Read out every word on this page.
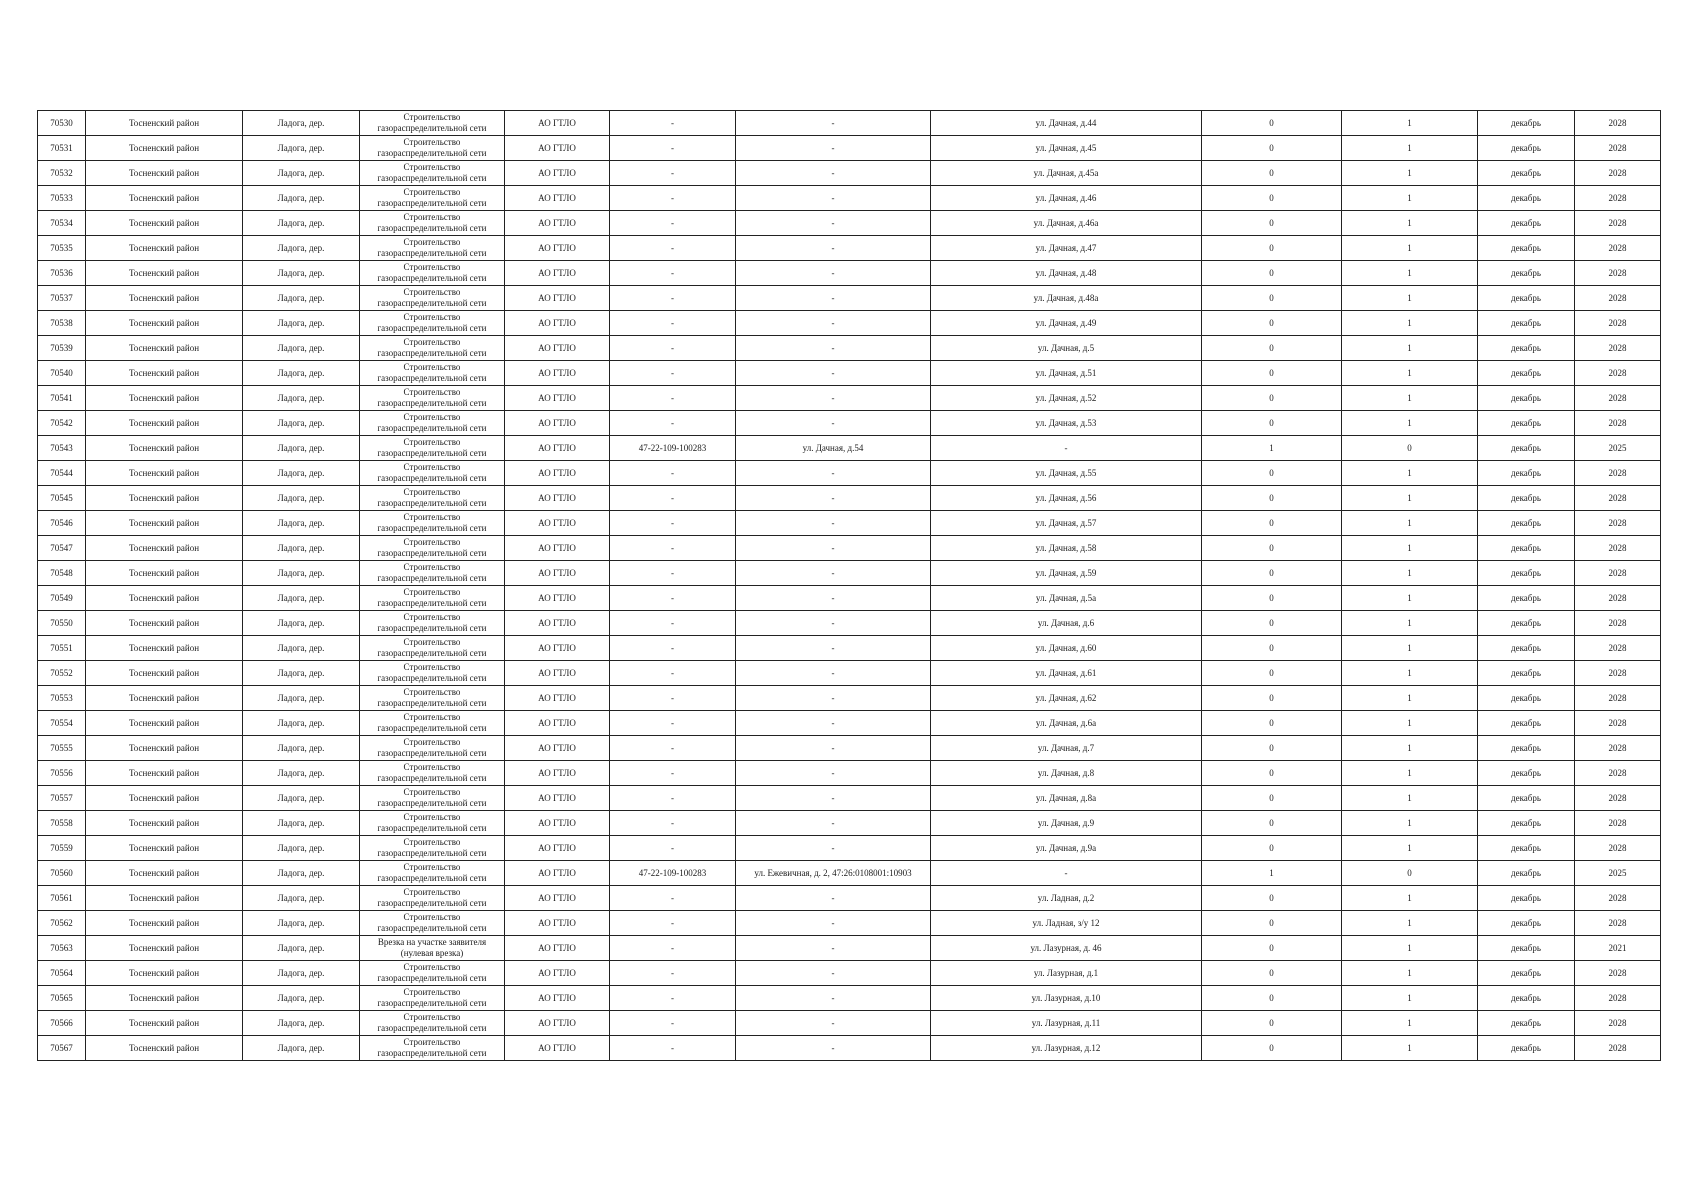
70530	Тосненский район	Ладога, дер.	Строительство газораспределительной сети	АО ГТЛО	-	-	ул. Дачная, д.44	0	1	декабрь	2028
70531	Тосненский район	Ладога, дер.	Строительство газораспределительной сети	АО ГТЛО	-	-	ул. Дачная, д.45	0	1	декабрь	2028
70532	Тосненский район	Ладога, дер.	Строительство газораспределительной сети	АО ГТЛО	-	-	ул. Дачная, д.45а	0	1	декабрь	2028
70533	Тосненский район	Ладога, дер.	Строительство газораспределительной сети	АО ГТЛО	-	-	ул. Дачная, д.46	0	1	декабрь	2028
70534	Тосненский район	Ладога, дер.	Строительство газораспределительной сети	АО ГТЛО	-	-	ул. Дачная, д.46а	0	1	декабрь	2028
70535	Тосненский район	Ладога, дер.	Строительство газораспределительной сети	АО ГТЛО	-	-	ул. Дачная, д.47	0	1	декабрь	2028
70536	Тосненский район	Ладога, дер.	Строительство газораспределительной сети	АО ГТЛО	-	-	ул. Дачная, д.48	0	1	декабрь	2028
70537	Тосненский район	Ладога, дер.	Строительство газораспределительной сети	АО ГТЛО	-	-	ул. Дачная, д.48а	0	1	декабрь	2028
70538	Тосненский район	Ладога, дер.	Строительство газораспределительной сети	АО ГТЛО	-	-	ул. Дачная, д.49	0	1	декабрь	2028
70539	Тосненский район	Ладога, дер.	Строительство газораспределительной сети	АО ГТЛО	-	-	ул. Дачная, д.5	0	1	декабрь	2028
70540	Тосненский район	Ладога, дер.	Строительство газораспределительной сети	АО ГТЛО	-	-	ул. Дачная, д.51	0	1	декабрь	2028
70541	Тосненский район	Ладога, дер.	Строительство газораспределительной сети	АО ГТЛО	-	-	ул. Дачная, д.52	0	1	декабрь	2028
70542	Тосненский район	Ладога, дер.	Строительство газораспределительной сети	АО ГТЛО	-	-	ул. Дачная, д.53	0	1	декабрь	2028
70543	Тосненский район	Ладога, дер.	Строительство газораспределительной сети	АО ГТЛО	47-22-109-100283	ул. Дачная, д.54	-	1	0	декабрь	2025
70544	Тосненский район	Ладога, дер.	Строительство газораспределительной сети	АО ГТЛО	-	-	ул. Дачная, д.55	0	1	декабрь	2028
70545	Тосненский район	Ладога, дер.	Строительство газораспределительной сети	АО ГТЛО	-	-	ул. Дачная, д.56	0	1	декабрь	2028
70546	Тосненский район	Ладога, дер.	Строительство газораспределительной сети	АО ГТЛО	-	-	ул. Дачная, д.57	0	1	декабрь	2028
70547	Тосненский район	Ладога, дер.	Строительство газораспределительной сети	АО ГТЛО	-	-	ул. Дачная, д.58	0	1	декабрь	2028
70548	Тосненский район	Ладога, дер.	Строительство газораспределительной сети	АО ГТЛО	-	-	ул. Дачная, д.59	0	1	декабрь	2028
70549	Тосненский район	Ладога, дер.	Строительство газораспределительной сети	АО ГТЛО	-	-	ул. Дачная, д.5а	0	1	декабрь	2028
70550	Тосненский район	Ладога, дер.	Строительство газораспределительной сети	АО ГТЛО	-	-	ул. Дачная, д.6	0	1	декабрь	2028
70551	Тосненский район	Ладога, дер.	Строительство газораспределительной сети	АО ГТЛО	-	-	ул. Дачная, д.60	0	1	декабрь	2028
70552	Тосненский район	Ладога, дер.	Строительство газораспределительной сети	АО ГТЛО	-	-	ул. Дачная, д.61	0	1	декабрь	2028
70553	Тосненский район	Ладога, дер.	Строительство газораспределительной сети	АО ГТЛО	-	-	ул. Дачная, д.62	0	1	декабрь	2028
70554	Тосненский район	Ладога, дер.	Строительство газораспределительной сети	АО ГТЛО	-	-	ул. Дачная, д.6а	0	1	декабрь	2028
70555	Тосненский район	Ладога, дер.	Строительство газораспределительной сети	АО ГТЛО	-	-	ул. Дачная, д.7	0	1	декабрь	2028
70556	Тосненский район	Ладога, дер.	Строительство газораспределительной сети	АО ГТЛО	-	-	ул. Дачная, д.8	0	1	декабрь	2028
70557	Тосненский район	Ладога, дер.	Строительство газораспределительной сети	АО ГТЛО	-	-	ул. Дачная, д.8а	0	1	декабрь	2028
70558	Тосненский район	Ладога, дер.	Строительство газораспределительной сети	АО ГТЛО	-	-	ул. Дачная, д.9	0	1	декабрь	2028
70559	Тосненский район	Ладога, дер.	Строительство газораспределительной сети	АО ГТЛО	-	-	ул. Дачная, д.9а	0	1	декабрь	2028
70560	Тосненский район	Ладога, дер.	Строительство газораспределительной сети	АО ГТЛО	47-22-109-100283	ул. Ежевичная, д. 2, 47:26:0108001:10903	-	1	0	декабрь	2025
70561	Тосненский район	Ладога, дер.	Строительство газораспределительной сети	АО ГТЛО	-	-	ул. Ладная, д.2	0	1	декабрь	2028
70562	Тосненский район	Ладога, дер.	Строительство газораспределительной сети	АО ГТЛО	-	-	ул. Ладная, з/у 12	0	1	декабрь	2028
70563	Тосненский район	Ладога, дер.	Врезка на участке заявителя (нулевая врезка)	АО ГТЛО	-	-	ул. Лазурная, д. 46	0	1	декабрь	2021
70564	Тосненский район	Ладога, дер.	Строительство газораспределительной сети	АО ГТЛО	-	-	ул. Лазурная, д.1	0	1	декабрь	2028
70565	Тосненский район	Ладога, дер.	Строительство газораспределительной сети	АО ГТЛО	-	-	ул. Лазурная, д.10	0	1	декабрь	2028
70566	Тосненский район	Ладога, дер.	Строительство газораспределительной сети	АО ГТЛО	-	-	ул. Лазурная, д.11	0	1	декабрь	2028
70567	Тосненский район	Ладога, дер.	Строительство газораспределительной сети	АО ГТЛО	-	-	ул. Лазурная, д.12	0	1	декабрь	2028
